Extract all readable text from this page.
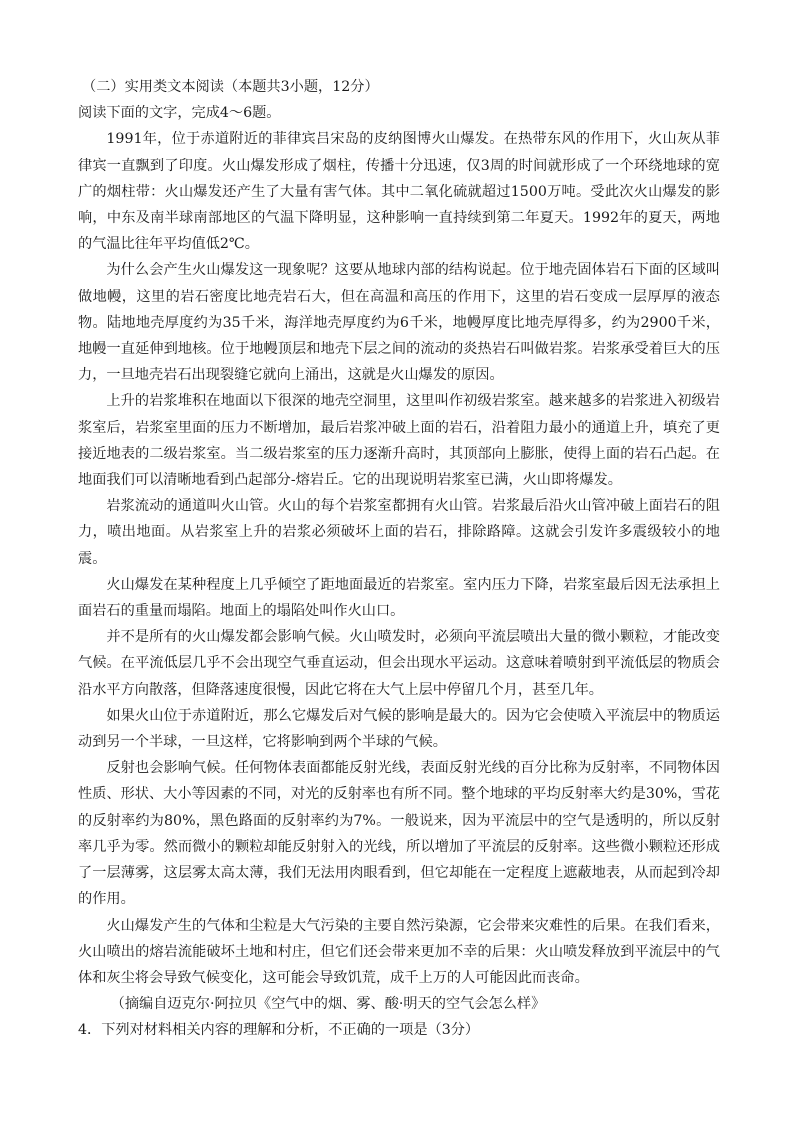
（二）实用类文本阅读（本题共3小题，12分）

阅读下面的文字，完成4～6题。

1991年，位于赤道附近的菲律宾吕宋岛的皮纳图博火山爆发。在热带东风的作用下，火山灰从菲律宾一直飘到了印度。火山爆发形成了烟柱，传播十分迅速，仅3周的时间就形成了一个环绕地球的宽广的烟柱带：火山爆发还产生了大量有害气体。其中二氧化硫就超过1500万吨。受此次火山爆发的影响，中东及南半球南部地区的气温下降明显，这种影响一直持续到第二年夏天。1992年的夏天，两地的气温比往年平均值低2℃。

为什么会产生火山爆发这一现象呢？这要从地球内部的结构说起。位于地壳固体岩石下面的区域叫做地幔，这里的岩石密度比地壳岩石大，但在高温和高压的作用下，这里的岩石变成一层厚厚的液态物。陆地地壳厚度约为35千米，海洋地壳厚度约为6千米，地幔厚度比地壳厚得多，约为2900千米，地幔一直延伸到地核。位于地幔顶层和地壳下层之间的流动的炎热岩石叫做岩浆。岩浆承受着巨大的压力，一旦地壳岩石出现裂缝它就向上涌出，这就是火山爆发的原因。

上升的岩浆堆积在地面以下很深的地壳空洞里，这里叫作初级岩浆室。越来越多的岩浆进入初级岩浆室后，岩浆室里面的压力不断增加，最后岩浆冲破上面的岩石，沿着阻力最小的通道上升，填充了更接近地表的二级岩浆室。当二级岩浆室的压力逐渐升高时，其顶部向上膨胀，使得上面的岩石凸起。在地面我们可以清晰地看到凸起部分-熔岩丘。它的出现说明岩浆室已满，火山即将爆发。

岩浆流动的通道叫火山管。火山的每个岩浆室都拥有火山管。岩浆最后沿火山管冲破上面岩石的阻力，喷出地面。从岩浆室上升的岩浆必须破坏上面的岩石，排除路障。这就会引发许多震级较小的地震。

火山爆发在某种程度上几乎倾空了距地面最近的岩浆室。室内压力下降，岩浆室最后因无法承担上面岩石的重量而塌陷。地面上的塌陷处叫作火山口。

并不是所有的火山爆发都会影响气候。火山喷发时，必须向平流层喷出大量的微小颗粒，才能改变气候。在平流低层几乎不会出现空气垂直运动，但会出现水平运动。这意味着喷射到平流低层的物质会沿水平方向散落，但降落速度很慢，因此它将在大气上层中停留几个月，甚至几年。

如果火山位于赤道附近，那么它爆发后对气候的影响是最大的。因为它会使喷入平流层中的物质运动到另一个半球，一旦这样，它将影响到两个半球的气候。

反射也会影响气候。任何物体表面都能反射光线，表面反射光线的百分比称为反射率，不同物体因性质、形状、大小等因素的不同，对光的反射率也有所不同。整个地球的平均反射率大约是30%，雪花的反射率约为80%，黑色路面的反射率约为7%。一般说来，因为平流层中的空气是透明的，所以反射率几乎为零。然而微小的颗粒却能反射射入的光线，所以增加了平流层的反射率。这些微小颗粒还形成了一层薄雾，这层雾太高太薄，我们无法用肉眼看到，但它却能在一定程度上遮蔽地表，从而起到冷却的作用。

火山爆发产生的气体和尘粒是大气污染的主要自然污染源，它会带来灾难性的后果。在我们看来，火山喷出的熔岩流能破坏土地和村庄，但它们还会带来更加不幸的后果：火山喷发释放到平流层中的气体和灰尘将会导致气候变化，这可能会导致饥荒，成千上万的人可能因此而丧命。

（摘编自迈克尔·阿拉贝《空气中的烟、雾、酸·明天的空气会怎么样》

4．下列对材料相关内容的理解和分析，不正确的一项是（3分）
